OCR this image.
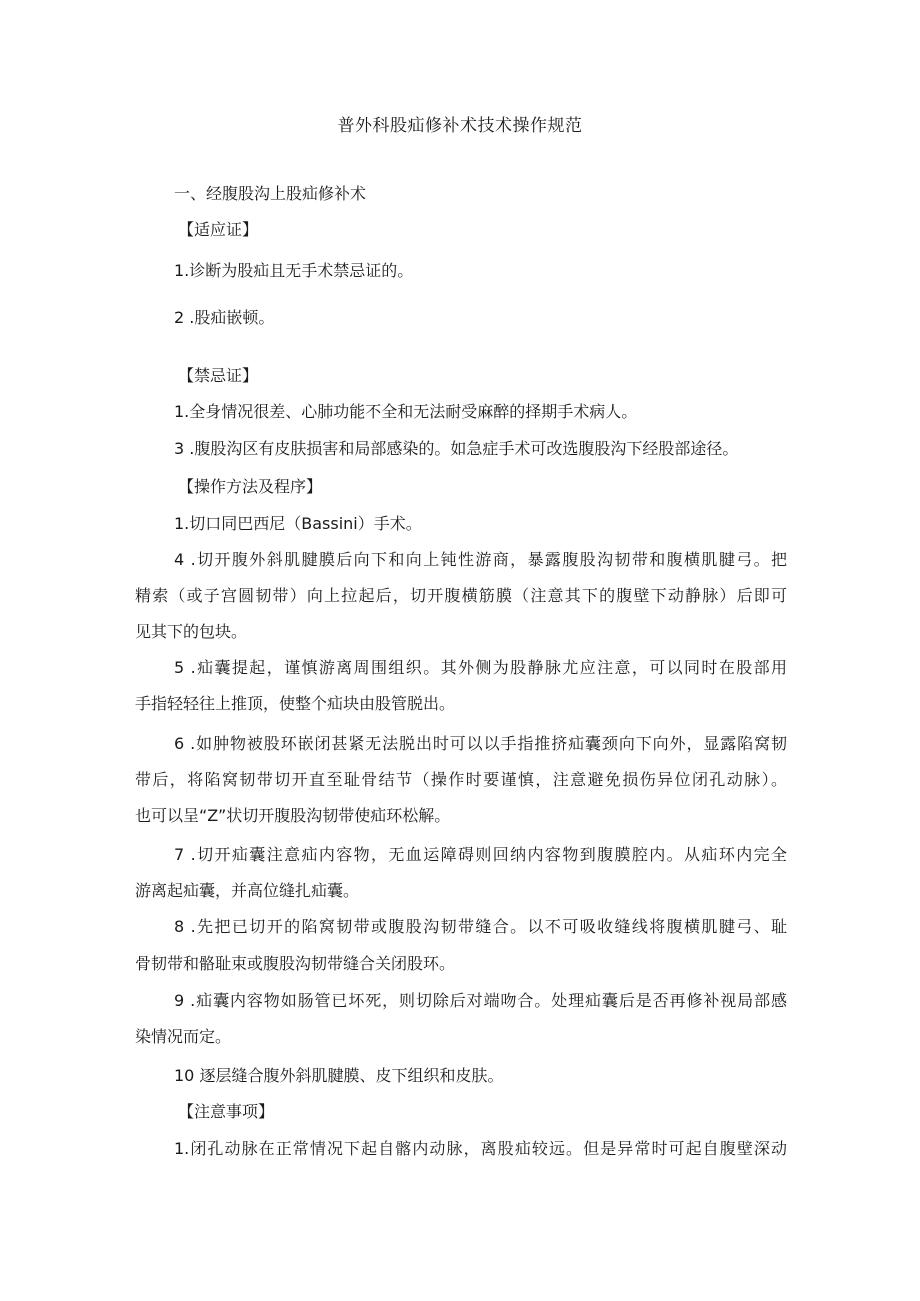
普外科股疝修补术技术操作规范
一、经腹股沟上股疝修补术
【适应证】
1.诊断为股疝且无手术禁忌证的。
2 .股疝嵌顿。
【禁忌证】
1.全身情况很差、心肺功能不全和无法耐受麻醉的择期手术病人。
3 .腹股沟区有皮肤损害和局部感染的。如急症手术可改选腹股沟下经股部途径。
【操作方法及程序】
1.切口同巴西尼（Bassini）手术。
4 .切开腹外斜肌腱膜后向下和向上钝性游商，暴露腹股沟韧带和腹横肌腱弓。把
精索（或子宫圆韧带）向上拉起后，切开腹横筋膜（注意其下的腹壁下动静脉）后即可
见其下的包块。
5 .疝囊提起，谨慎游离周围组织。其外侧为股静脉尤应注意，可以同时在股部用
手指轻轻往上推顶，使整个疝块由股管脱出。
6 .如肿物被股环嵌闭甚紧无法脱出时可以以手指推挤疝囊颈向下向外，显露陷窝韧
带后，将陷窝韧带切开直至耻骨结节（操作时要谨慎，注意避免损伤异位闭孔动脉）。
也可以呈“Z”状切开腹股沟韧带使疝环松解。
7 .切开疝囊注意疝内容物，无血运障碍则回纳内容物到腹膜腔内。从疝环内完全
游离起疝囊，并高位缝扎疝囊。
8 .先把已切开的陷窝韧带或腹股沟韧带缝合。以不可吸收缝线将腹横肌腱弓、耻
骨韧带和骼耻束或腹股沟韧带缝合关闭股环。
9 .疝囊内容物如肠管已坏死，则切除后对端吻合。处理疝囊后是否再修补视局部感
染情况而定。
10 逐层缝合腹外斜肌腱膜、皮下组织和皮肤。
【注意事项】
1.闭孔动脉在正常情况下起自髂内动脉，离股疝较远。但是异常时可起自腹壁深动
